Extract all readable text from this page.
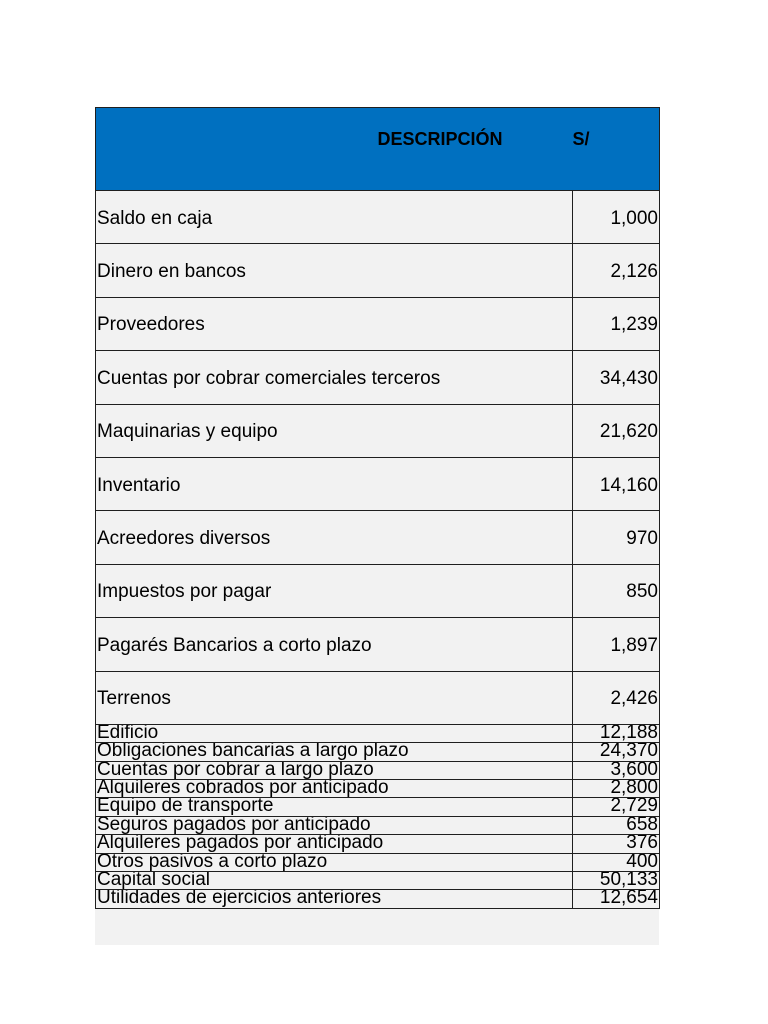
DESCRIPCIÓN	S/
Saldo en caja	1,000
Dinero en bancos	2,126
Proveedores	1,239
Cuentas por cobrar comerciales terceros	34,430
Maquinarias y equipo	21,620
Inventario	14,160
Acreedores diversos	970
Impuestos por pagar	850
Pagarés Bancarios a corto plazo	1,897
Terrenos	2,426
Edificio	12,188
Obligaciones bancarias a largo plazo	24,370
Cuentas por cobrar a largo plazo	3,600
Alquileres cobrados por anticipado	2,800
Equipo de transporte	2,729
Seguros pagados por anticipado	658
Alquileres pagados por anticipado	376
Otros pasivos a corto plazo	400
Capital social	50,133
Utilidades de ejercicios anteriores	12,654
